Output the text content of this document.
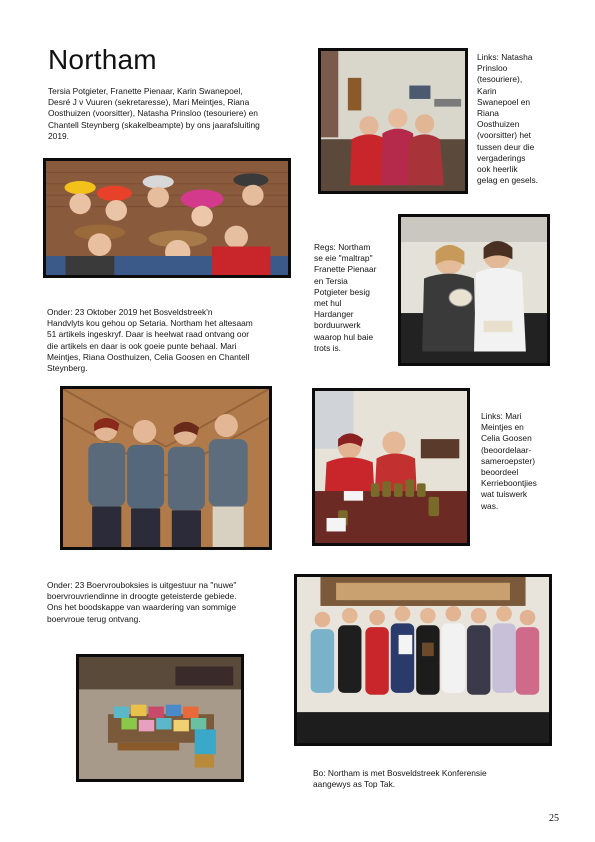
Northam
Tersia Potgieter, Franette Pienaar, Karin Swanepoel,
Desré J v Vuuren (sekretaresse), Mari Meintjes, Riana
Oosthuizen (voorsitter), Natasha Prinsloo (tesouriere) en
Chantell Steynberg (skakelbeampte) by ons jaarafsluiting
2019.
Links: Natasha
Prinsloo
(tesouriere),
Karin
Swanepoel en
Riana
Oosthuizen
(voorsitter) het
tussen deur die
vergaderings
ook heerlik
gelag en gesels.
Regs: Northam
se eie "maltrap"
Franette Pienaar
en Tersia
Potgieter besig
met hul
Hardanger
borduurwerk
waarop hul baie
trots is.
Onder: 23 Oktober 2019 het Bosveldstreek'n
Handvlyts kou gehou op Setaria. Northam het altesaam
51 artikels ingeskryf. Daar is heelwat raad ontvang oor
die artikels en daar is ook goeie punte behaal. Mari
Meintjes, Riana Oosthuizen, Celia Goosen en Chantell
Steynberg.
Links: Mari
Meintjes en
Celia Goosen
(beoordelaar-
sameroepster)
beoordeel
Kerrieboontjies
wat tuiswerk
was.
Onder: 23 Boervrouboksies is uitgestuur na "nuwe"
boervrouvriendinne in droogte geteisterde gebiede.
Ons het boodskappe van waardering van sommige
boervroue terug ontvang.
Bo: Northam is met Bosveldstreek Konferensie
aangewys as Top Tak.
25
